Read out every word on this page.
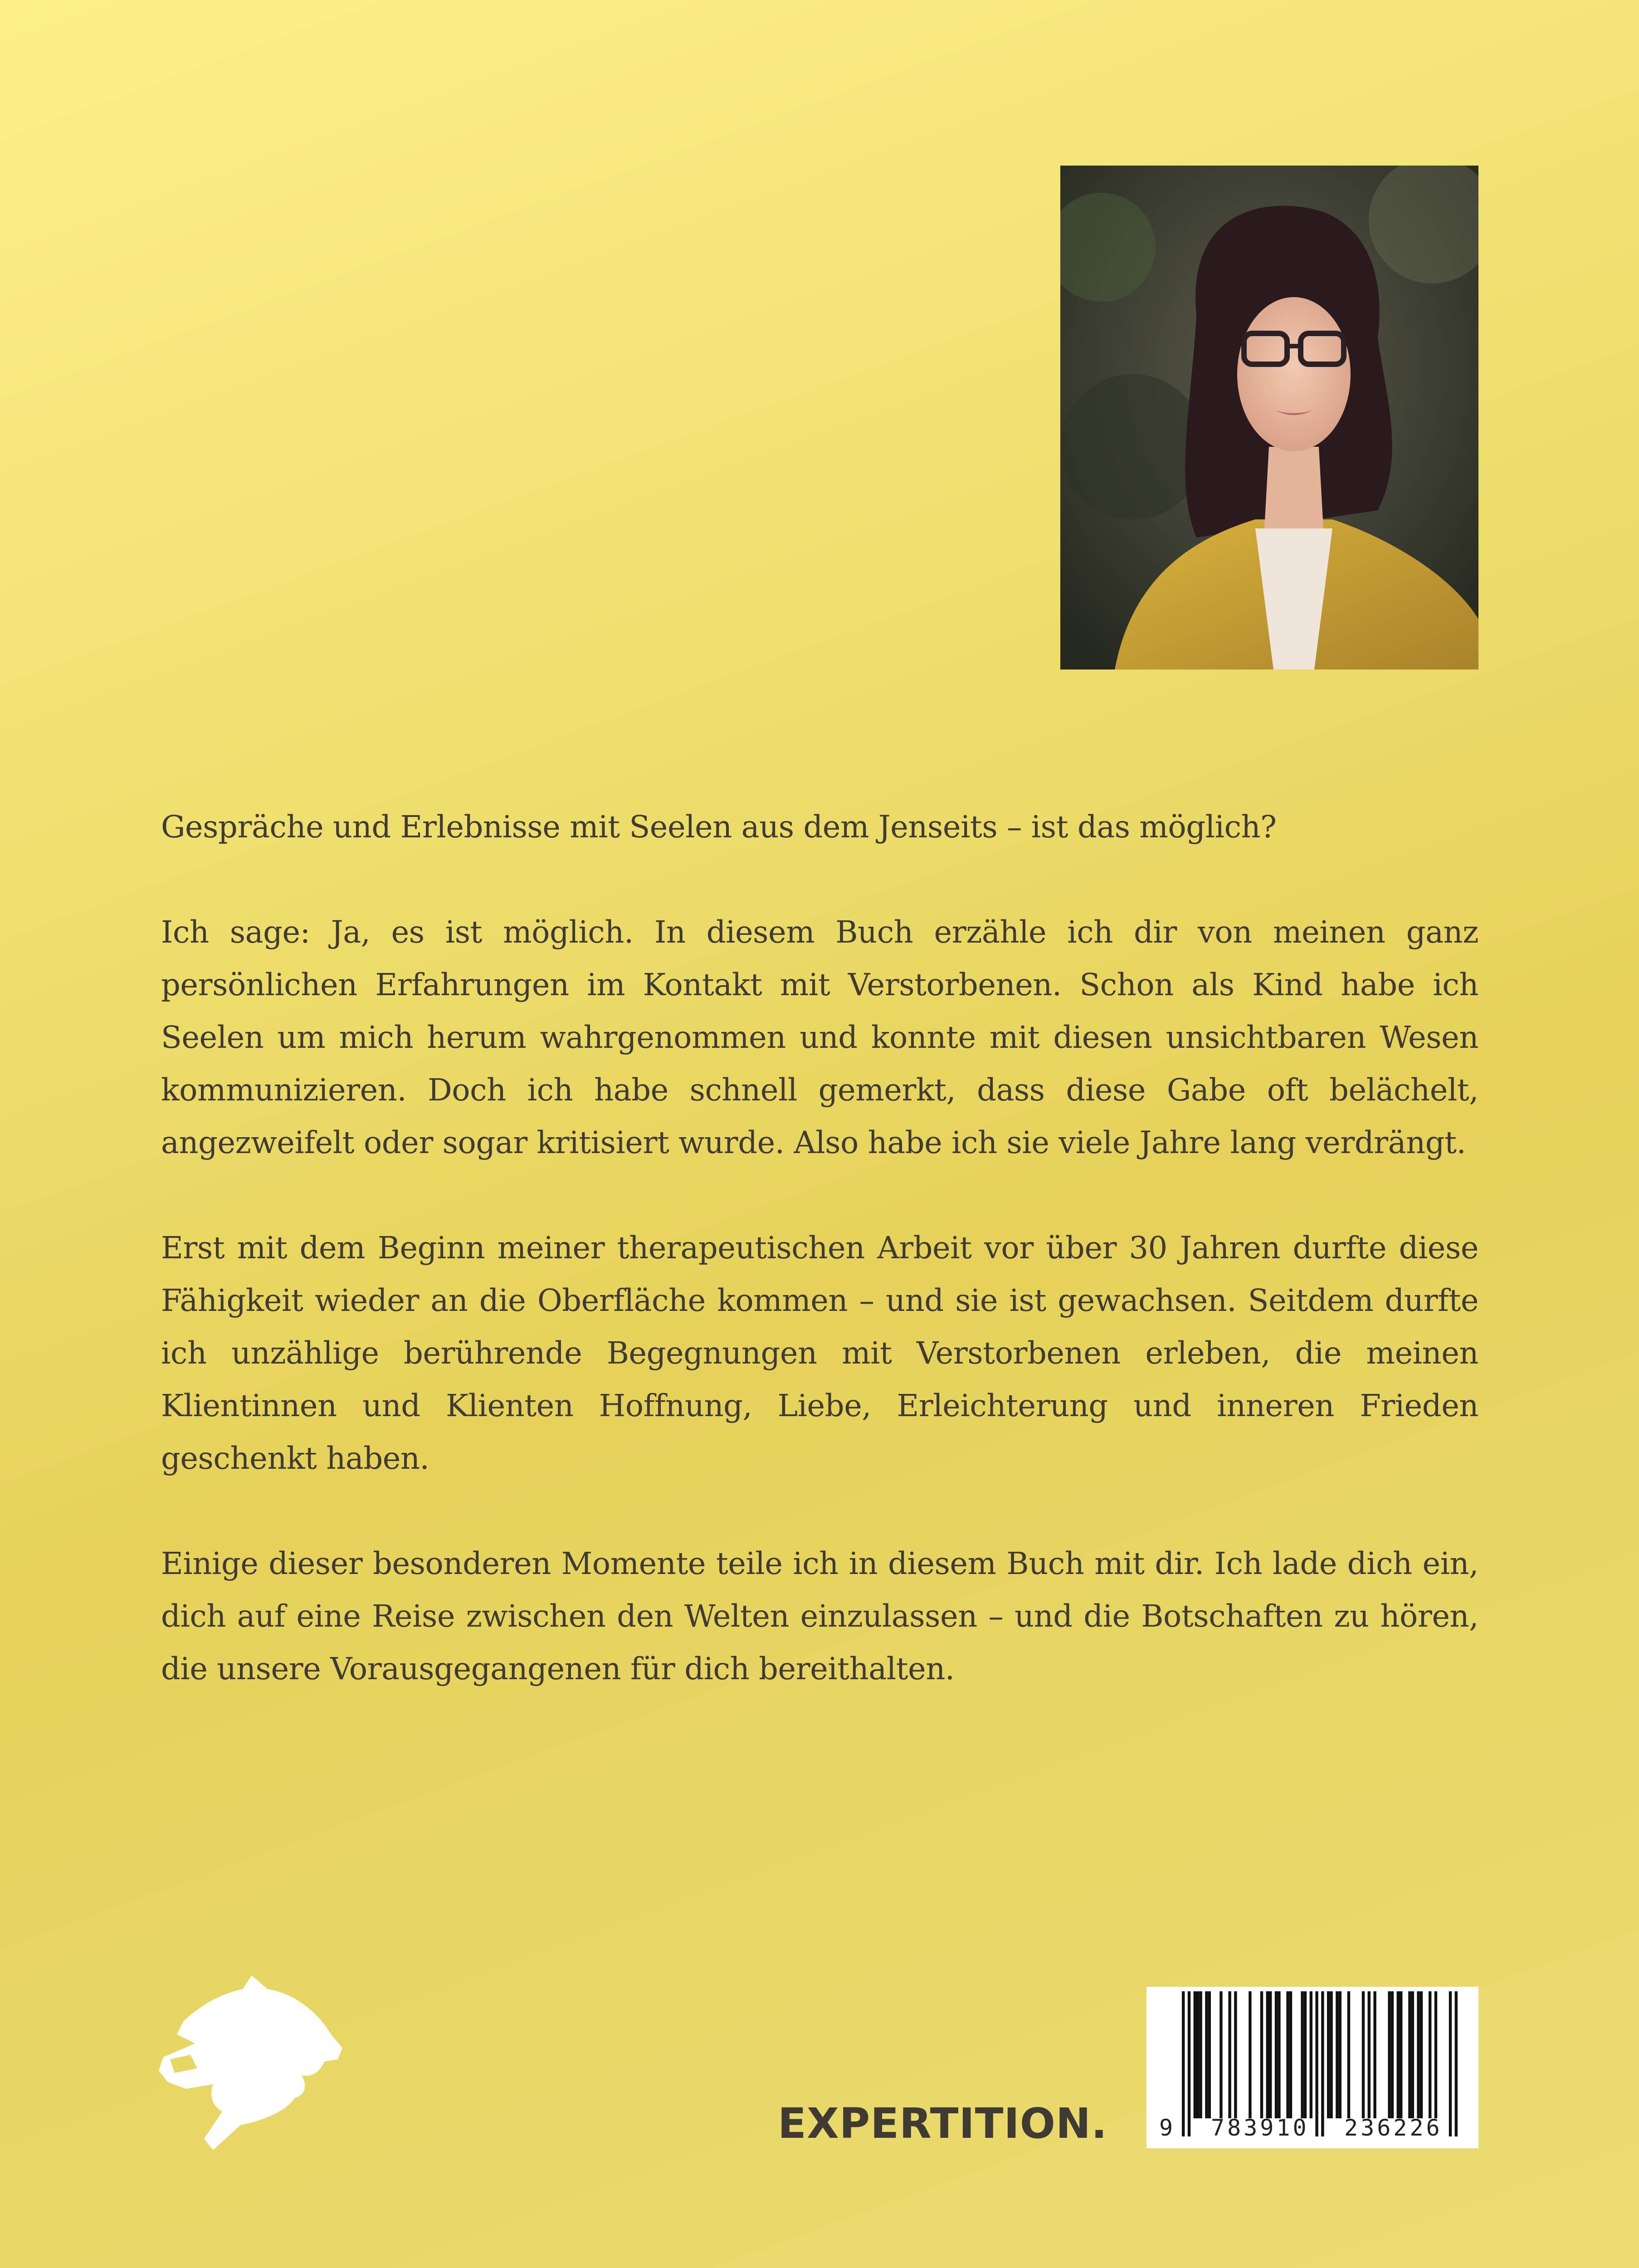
Gespräche und Erlebnisse mit Seelen aus dem Jenseits – ist das möglich?

Ich sage: Ja, es ist möglich. In diesem Buch erzähle ich dir von meinen ganz persönlichen Erfahrungen im Kontakt mit Verstorbenen. Schon als Kind habe ich Seelen um mich herum wahrgenommen und konnte mit diesen unsichtbaren Wesen kommunizieren. Doch ich habe schnell gemerkt, dass diese Gabe oft belächelt, angezweifelt oder sogar kritisiert wurde. Also habe ich sie viele Jahre lang verdrängt.

Erst mit dem Beginn meiner therapeutischen Arbeit vor über 30 Jahren durfte diese Fähigkeit wieder an die Oberfläche kommen – und sie ist gewachsen. Seitdem durfte ich unzählige berührende Begegnungen mit Verstorbenen erleben, die meinen Klientinnen und Klienten Hoffnung, Liebe, Erleichterung und inneren Frieden geschenkt haben.

Einige dieser besonderen Momente teile ich in diesem Buch mit dir. Ich lade dich ein, dich auf eine Reise zwischen den Welten einzulassen – und die Botschaften zu hören, die unsere Vorausgegangenen für dich bereithalten.

EXPERTITION. 9 783910 236226
